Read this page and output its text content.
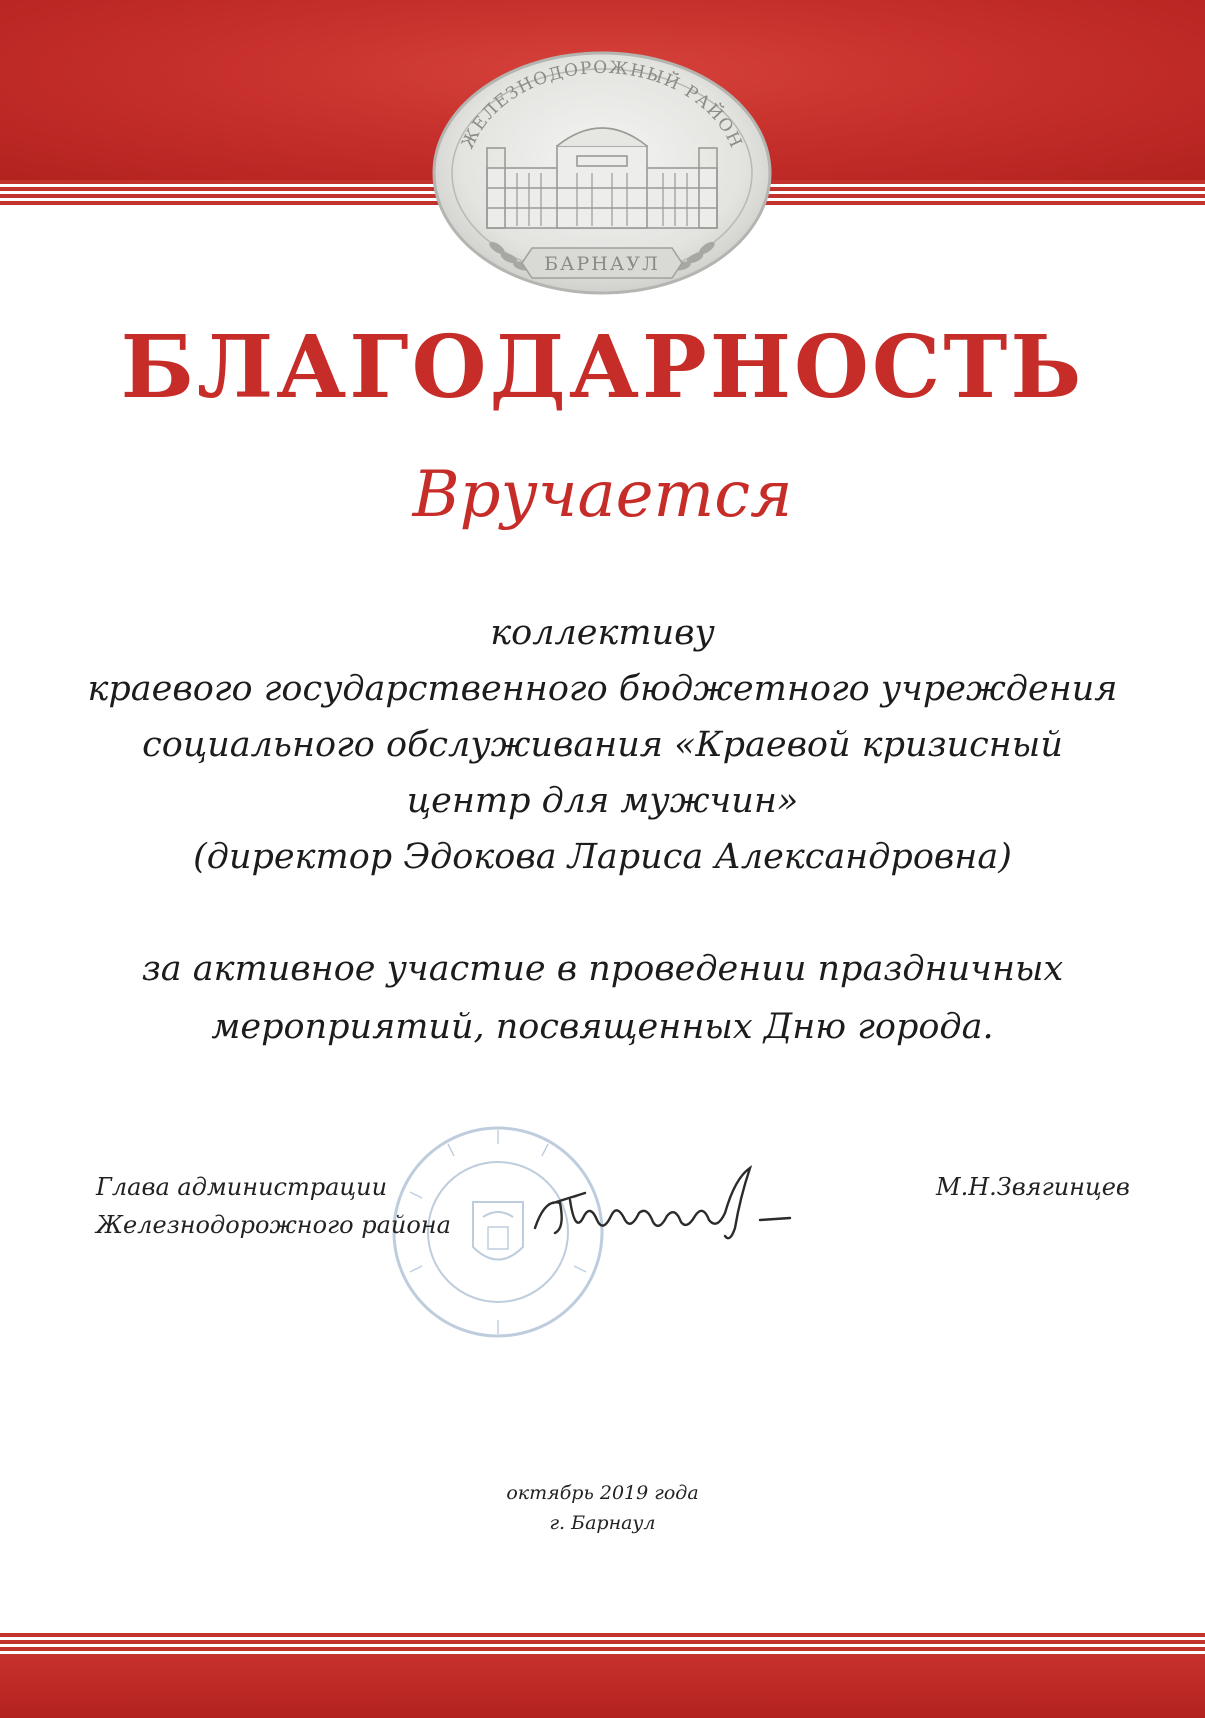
ЖЕЛЕЗНОДОРОЖНЫЙ РАЙОН
БАРНАУЛ
БЛАГОДАРНОСТЬ
Вручается
коллективу
краевого государственного бюджетного учреждения
социального обслуживания «Краевой кризисный
центр для мужчин»
(директор Эдокова Лариса Александровна)
за активное участие в проведении праздничных
мероприятий, посвященных Дню города.
Глава администрации
Железнодорожного района
М.Н.Звягинцев
октябрь 2019 года
г. Барнаул
